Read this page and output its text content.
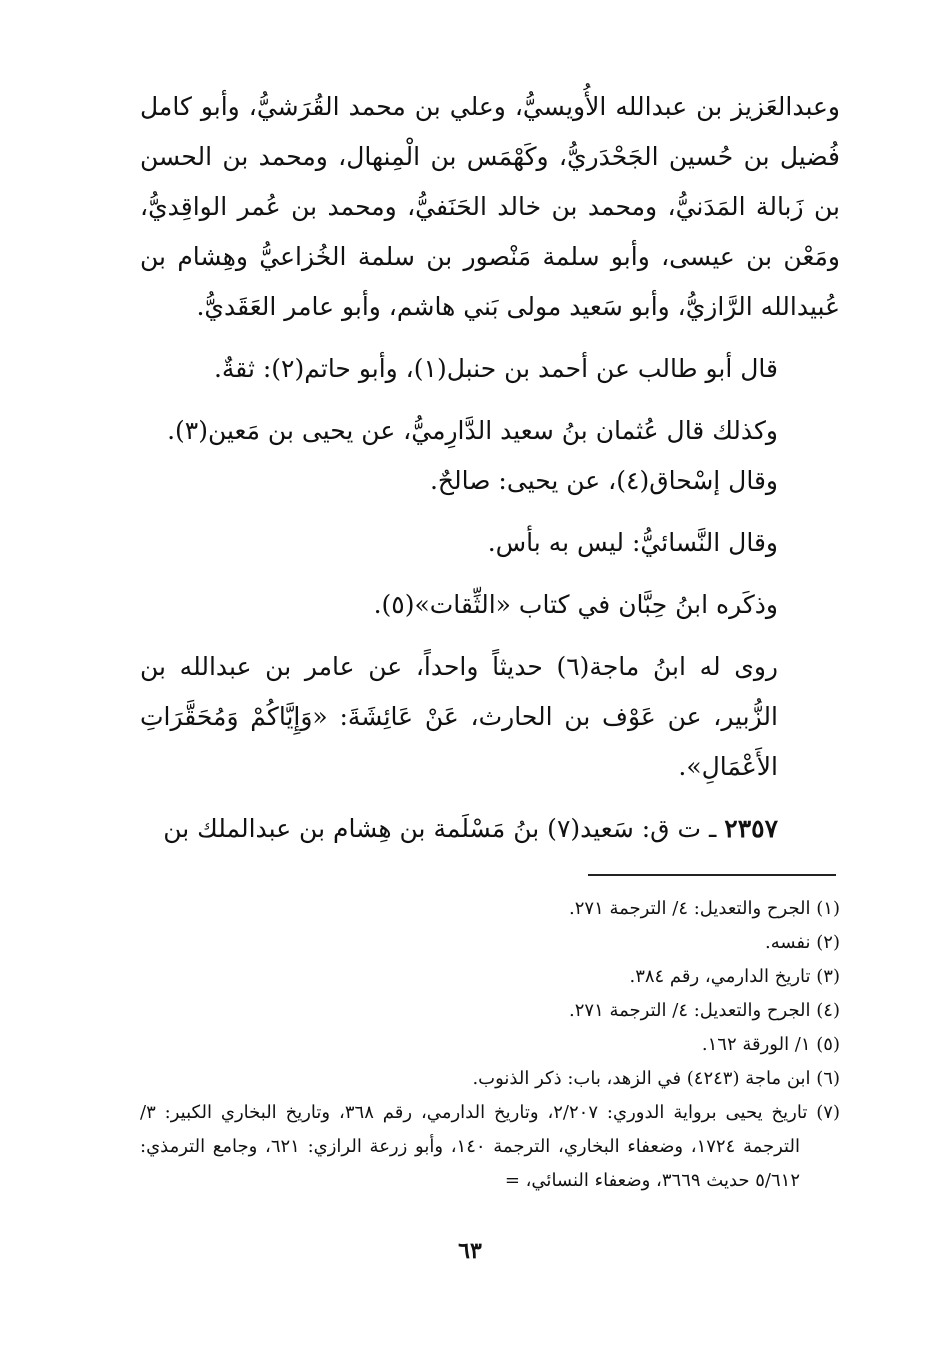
وعبدالعَزيز بن عبدالله الأُويسيُّ، وعلي بن محمد القُرَشيُّ، وأبو كامل فُضيل بن حُسين الجَحْدَريُّ، وكَهْمَس بن الْمِنهال، ومحمد بن الحسن بن زَبالة المَدَنيُّ، ومحمد بن خالد الحَنَفيُّ، ومحمد بن عُمر الواقِديُّ، ومَعْن بن عيسى، وأبو سلمة مَنْصور بن سلمة الخُزاعيُّ وهِشام بن عُبيدالله الرَّازيُّ، وأبو سَعيد مولى بَني هاشم، وأبو عامر العَقَديُّ.

قال أبو طالب عن أحمد بن حنبل(١)، وأبو حاتم(٢): ثقةٌ.

وكذلك قال عُثمان بنُ سعيد الدَّارِميُّ، عن يحيى بن مَعين(٣).

وقال إسْحاق(٤)، عن يحيى: صالحٌ.

وقال النَّسائيُّ: ليس به بأس.

وذكَره ابنُ حِبَّان في كتاب «الثِّقات»(٥).

روى له ابنُ ماجة(٦) حديثاً واحداً، عن عامر بن عبدالله بن الزُّبير، عن عَوْف بن الحارث، عَنْ عَائِشَةَ: «وَإِيَّاكُمْ وَمُحَقَّرَاتِ الأَعْمَالِ».

٢٣٥٧ ـ ت ق: سَعيد(٧) بنُ مَسْلَمة بن هِشام بن عبدالملك بن

(١) الجرح والتعديل: ٤/ الترجمة ٢٧١.

(٢) نفسه.

(٣) تاريخ الدارمي، رقم ٣٨٤.

(٤) الجرح والتعديل: ٤/ الترجمة ٢٧١.

(٥) ١/ الورقة ١٦٢.

(٦) ابن ماجة (٤٢٤٣) في الزهد، باب: ذكر الذنوب.

(٧) تاريخ يحيى برواية الدوري: ٢/٢٠٧، وتاريخ الدارمي، رقم ٣٦٨، وتاريخ البخاري الكبير: ٣/ الترجمة ١٧٢٤، وضعفاء البخاري، الترجمة ١٤٠، وأبو زرعة الرازي: ٦٢١، وجامع الترمذي: ٥/٦١٢ حديث ٣٦٦٩، وضعفاء النسائي، =

٦٣
